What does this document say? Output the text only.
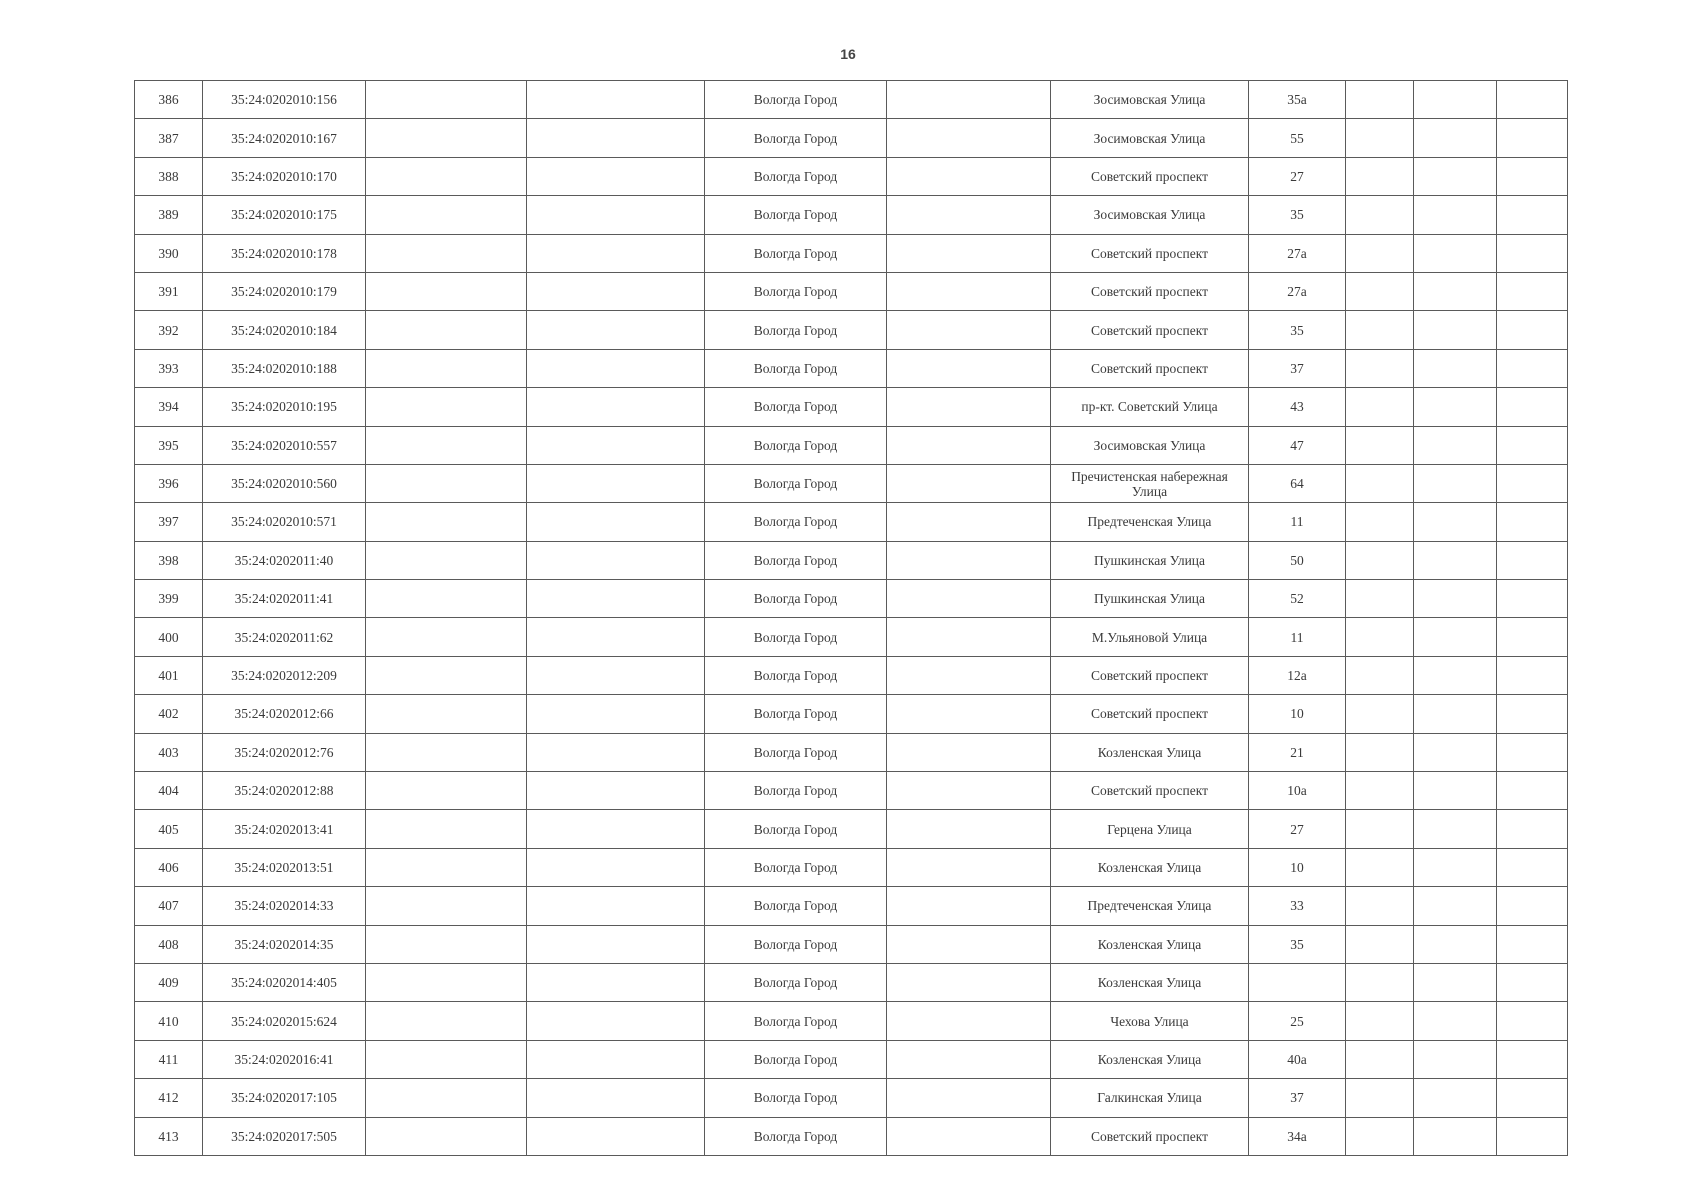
16
386	35:24:0202010:156			Вологда Город		Зосимовская Улица	35а			
387	35:24:0202010:167			Вологда Город		Зосимовская Улица	55			
388	35:24:0202010:170			Вологда Город		Советский проспект	27			
389	35:24:0202010:175			Вологда Город		Зосимовская Улица	35			
390	35:24:0202010:178			Вологда Город		Советский проспект	27а			
391	35:24:0202010:179			Вологда Город		Советский проспект	27а			
392	35:24:0202010:184			Вологда Город		Советский проспект	35			
393	35:24:0202010:188			Вологда Город		Советский проспект	37			
394	35:24:0202010:195			Вологда Город		пр-кт. Советский Улица	43			
395	35:24:0202010:557			Вологда Город		Зосимовская Улица	47			
396	35:24:0202010:560			Вологда Город		Пречистенская набережная Улица	64			
397	35:24:0202010:571			Вологда Город		Предтеченская Улица	11			
398	35:24:0202011:40			Вологда Город		Пушкинская Улица	50			
399	35:24:0202011:41			Вологда Город		Пушкинская Улица	52			
400	35:24:0202011:62			Вологда Город		М.Ульяновой Улица	11			
401	35:24:0202012:209			Вологда Город		Советский проспект	12а			
402	35:24:0202012:66			Вологда Город		Советский проспект	10			
403	35:24:0202012:76			Вологда Город		Козленская Улица	21			
404	35:24:0202012:88			Вологда Город		Советский проспект	10а			
405	35:24:0202013:41			Вологда Город		Герцена Улица	27			
406	35:24:0202013:51			Вологда Город		Козленская Улица	10			
407	35:24:0202014:33			Вологда Город		Предтеченская Улица	33			
408	35:24:0202014:35			Вологда Город		Козленская Улица	35			
409	35:24:0202014:405			Вологда Город		Козленская Улица				
410	35:24:0202015:624			Вологда Город		Чехова Улица	25			
411	35:24:0202016:41			Вологда Город		Козленская Улица	40а			
412	35:24:0202017:105			Вологда Город		Галкинская Улица	37			
413	35:24:0202017:505			Вологда Город		Советский проспект	34а			
